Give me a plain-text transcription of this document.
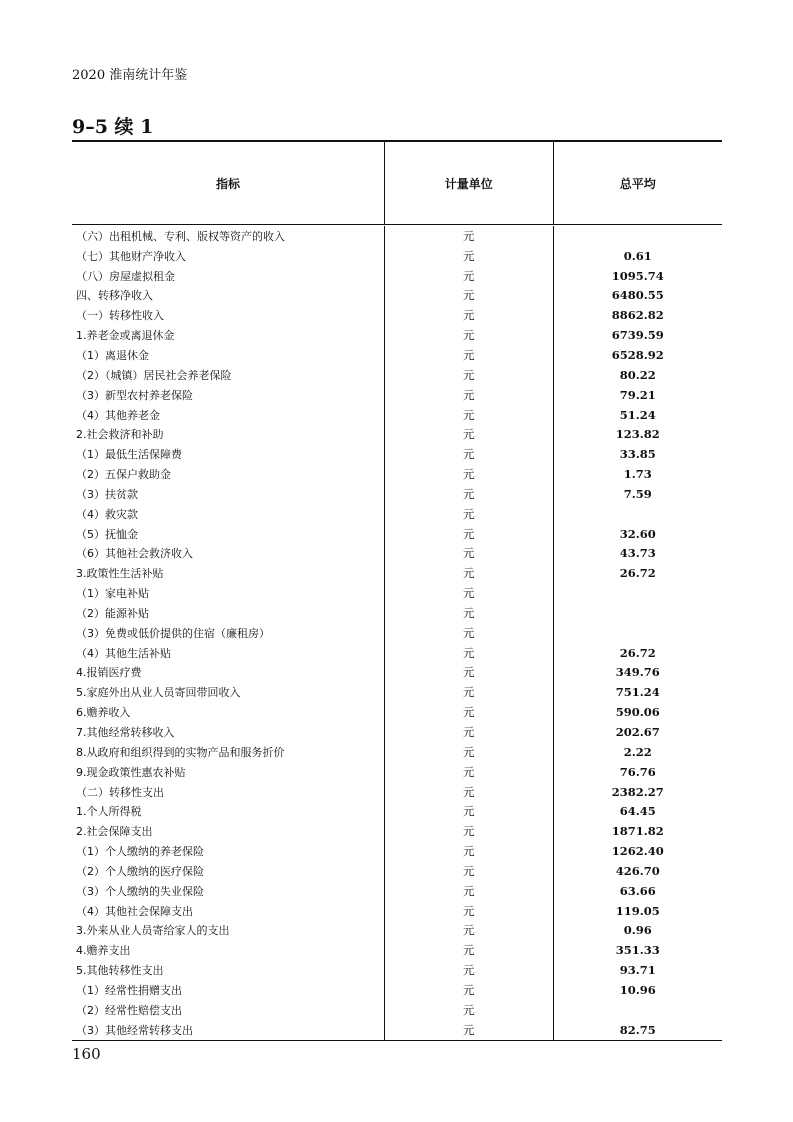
2020 淮南统计年鉴
9–5 续 1
指标	计量单位	总平均
（六）出租机械、专利、版权等资产的收入	元
（七）其他财产净收入	元	0.61
（八）房屋虚拟租金	元	1095.74
四、转移净收入	元	6480.55
（一）转移性收入	元	8862.82
1.养老金或离退休金	元	6739.59
（1）离退休金	元	6528.92
（2）（城镇）居民社会养老保险	元	80.22
（3）新型农村养老保险	元	79.21
（4）其他养老金	元	51.24
2.社会救济和补助	元	123.82
（1）最低生活保障费	元	33.85
（2）五保户救助金	元	1.73
（3）扶贫款	元	7.59
（4）救灾款	元
（5）抚恤金	元	32.60
（6）其他社会救济收入	元	43.73
3.政策性生活补贴	元	26.72
（1）家电补贴	元
（2）能源补贴	元
（3）免费或低价提供的住宿（廉租房）	元
（4）其他生活补贴	元	26.72
4.报销医疗费	元	349.76
5.家庭外出从业人员寄回带回收入	元	751.24
6.赡养收入	元	590.06
7.其他经常转移收入	元	202.67
8.从政府和组织得到的实物产品和服务折价	元	2.22
9.现金政策性惠农补贴	元	76.76
（二）转移性支出	元	2382.27
1.个人所得税	元	64.45
2.社会保障支出	元	1871.82
（1）个人缴纳的养老保险	元	1262.40
（2）个人缴纳的医疗保险	元	426.70
（3）个人缴纳的失业保险	元	63.66
（4）其他社会保障支出	元	119.05
3.外来从业人员寄给家人的支出	元	0.96
4.赡养支出	元	351.33
5.其他转移性支出	元	93.71
（1）经常性捐赠支出	元	10.96
（2）经常性赔偿支出	元
（3）其他经常转移支出	元	82.75
160
